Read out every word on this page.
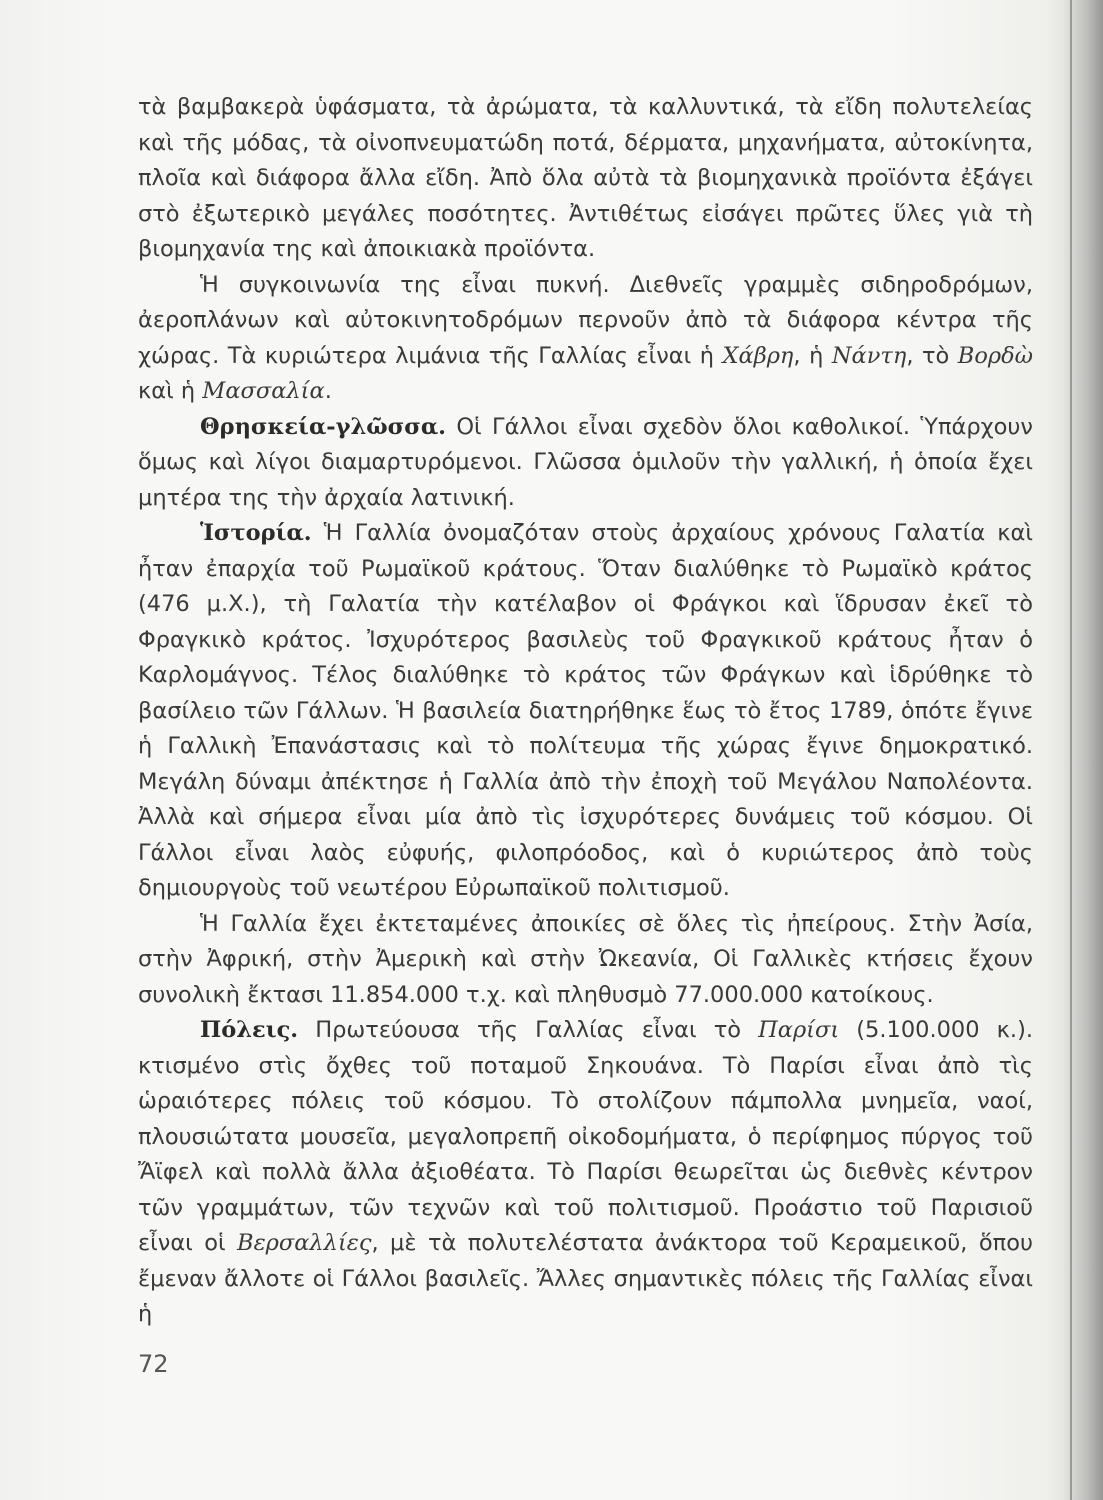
τὰ βαμβακερὰ ὑφάσματα, τὰ ἀρώματα, τὰ καλλυντικά, τὰ εἴδη πολυτελείας καὶ τῆς μόδας, τὰ οἰνοπνευματώδη ποτά, δέρματα, μηχανήματα, αὐτοκίνητα, πλοῖα καὶ διάφορα ἄλλα εἴδη. Ἀπὸ ὅλα αὐτὰ τὰ βιομηχανικὰ προϊόντα ἐξάγει στὸ ἐξωτερικὸ μεγάλες ποσότητες. Ἀντιθέτως εἰσάγει πρῶτες ὕλες γιὰ τὴ βιομηχανία της καὶ ἀποικιακὰ προϊόντα.

Ἡ συγκοινωνία της εἶναι πυκνή. Διεθνεῖς γραμμὲς σιδηροδρόμων, ἀεροπλάνων καὶ αὐτοκινητοδρόμων περνοῦν ἀπὸ τὰ διάφορα κέντρα τῆς χώρας. Τὰ κυριώτερα λιμάνια τῆς Γαλλίας εἶναι ἡ Χάβρη, ἡ Νάντη, τὸ Βορδὼ καὶ ἡ Μασσαλία.

Θρησκεία-γλῶσσα. Οἱ Γάλλοι εἶναι σχεδὸν ὅλοι καθολικοί. Ὑπάρχουν ὅμως καὶ λίγοι διαμαρτυρόμενοι. Γλῶσσα ὁμιλοῦν τὴν γαλλική, ἡ ὁποία ἔχει μητέρα της τὴν ἀρχαία λατινική.

Ἱστορία. Ἡ Γαλλία ὀνομαζόταν στοὺς ἀρχαίους χρόνους Γαλατία καὶ ἦταν ἐπαρχία τοῦ Ρωμαϊκοῦ κράτους. Ὅταν διαλύθηκε τὸ Ρωμαϊκὸ κράτος (476 μ.Χ.), τὴ Γαλατία τὴν κατέλαβον οἱ Φράγκοι καὶ ἵδρυσαν ἐκεῖ τὸ Φραγκικὸ κράτος. Ἰσχυρότερος βασιλεὺς τοῦ Φραγκικοῦ κράτους ἦταν ὁ Καρλομάγνος. Τέλος διαλύθηκε τὸ κράτος τῶν Φράγκων καὶ ἱδρύθηκε τὸ βασίλειο τῶν Γάλλων. Ἡ βασιλεία διατηρήθηκε ἕως τὸ ἔτος 1789, ὁπότε ἔγινε ἡ Γαλλικὴ Ἐπανάστασις καὶ τὸ πολίτευμα τῆς χώρας ἔγινε δημοκρατικό. Μεγάλη δύναμι ἀπέκτησε ἡ Γαλλία ἀπὸ τὴν ἐποχὴ τοῦ Μεγάλου Ναπολέοντα. Ἀλλὰ καὶ σήμερα εἶναι μία ἀπὸ τὶς ἰσχυρότερες δυνάμεις τοῦ κόσμου. Οἱ Γάλλοι εἶναι λαὸς εὐφυής, φιλοπρόοδος, καὶ ὁ κυριώτερος ἀπὸ τοὺς δημιουργοὺς τοῦ νεωτέρου Εὐρωπαϊκοῦ πολιτισμοῦ.

Ἡ Γαλλία ἔχει ἐκτεταμένες ἀποικίες σὲ ὅλες τὶς ἠπείρους. Στὴν Ἀσία, στὴν Ἀφρική, στὴν Ἀμερικὴ καὶ στὴν Ὠκεανία, Οἱ Γαλλικὲς κτήσεις ἔχουν συνολικὴ ἔκτασι 11.854.000 τ.χ. καὶ πληθυσμὸ 77.000.000 κατοίκους.

Πόλεις. Πρωτεύουσα τῆς Γαλλίας εἶναι τὸ Παρίσι (5.100.000 κ.). κτισμένο στὶς ὄχθες τοῦ ποταμοῦ Σηκουάνα. Τὸ Παρίσι εἶναι ἀπὸ τὶς ὡραιότερες πόλεις τοῦ κόσμου. Τὸ στολίζουν πάμπολλα μνημεῖα, ναοί, πλουσιώτατα μουσεῖα, μεγαλοπρεπῆ οἰκοδομήματα, ὁ περίφημος πύργος τοῦ Ἄϊφελ καὶ πολλὰ ἄλλα ἀξιοθέατα. Τὸ Παρίσι θεωρεῖται ὡς διεθνὲς κέντρον τῶν γραμμάτων, τῶν τεχνῶν καὶ τοῦ πολιτισμοῦ. Προάστιο τοῦ Παρισιοῦ εἶναι οἱ Βερσαλλίες, μὲ τὰ πολυτελέστατα ἀνάκτορα τοῦ Κεραμεικοῦ, ὅπου ἔμεναν ἄλλοτε οἱ Γάλλοι βασιλεῖς. Ἄλλες σημαντικὲς πόλεις τῆς Γαλλίας εἶναι ἡ

72
